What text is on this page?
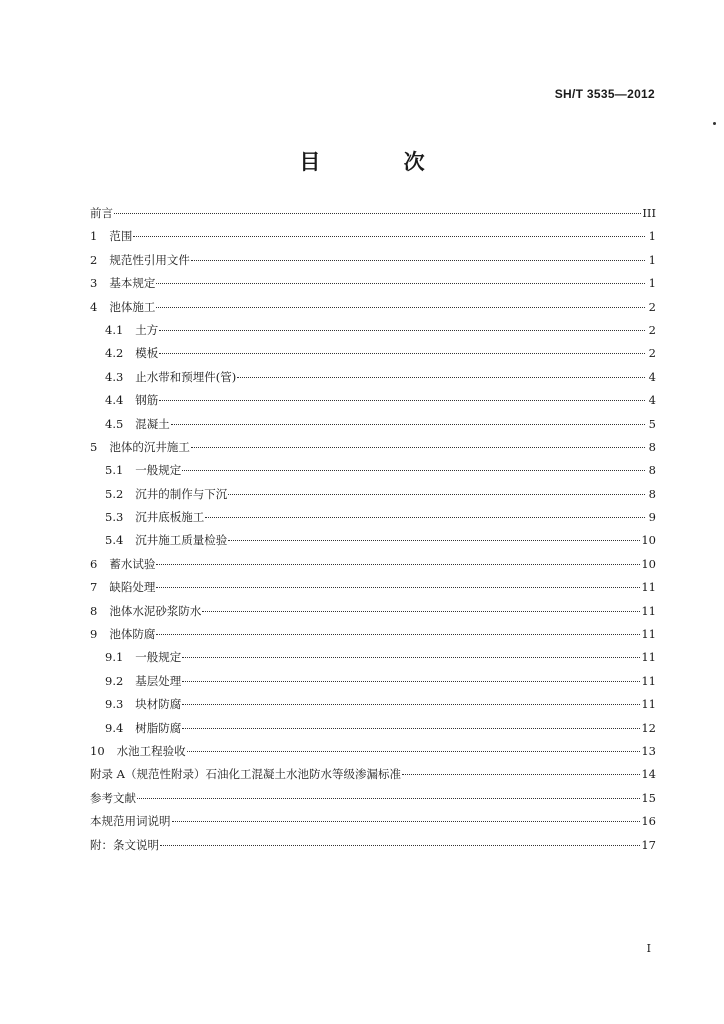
SH/T 3535—2012
目 次
前言	III
1 范围	1
2 规范性引用文件	1
3 基本规定	1
4 池体施工	2
4.1 土方	2
4.2 模板	2
4.3 止水带和预埋件(管)	4
4.4 钢筋	4
4.5 混凝土	5
5 池体的沉井施工	8
5.1 一般规定	8
5.2 沉井的制作与下沉	8
5.3 沉井底板施工	9
5.4 沉井施工质量检验	10
6 蓄水试验	10
7 缺陷处理	11
8 池体水泥砂浆防水	11
9 池体防腐	11
9.1 一般规定	11
9.2 基层处理	11
9.3 块材防腐	11
9.4 树脂防腐	12
10 水池工程验收	13
附录 A（规范性附录）石油化工混凝土水池防水等级渗漏标准	14
参考文献	15
本规范用词说明	16
附：条文说明	17
I
